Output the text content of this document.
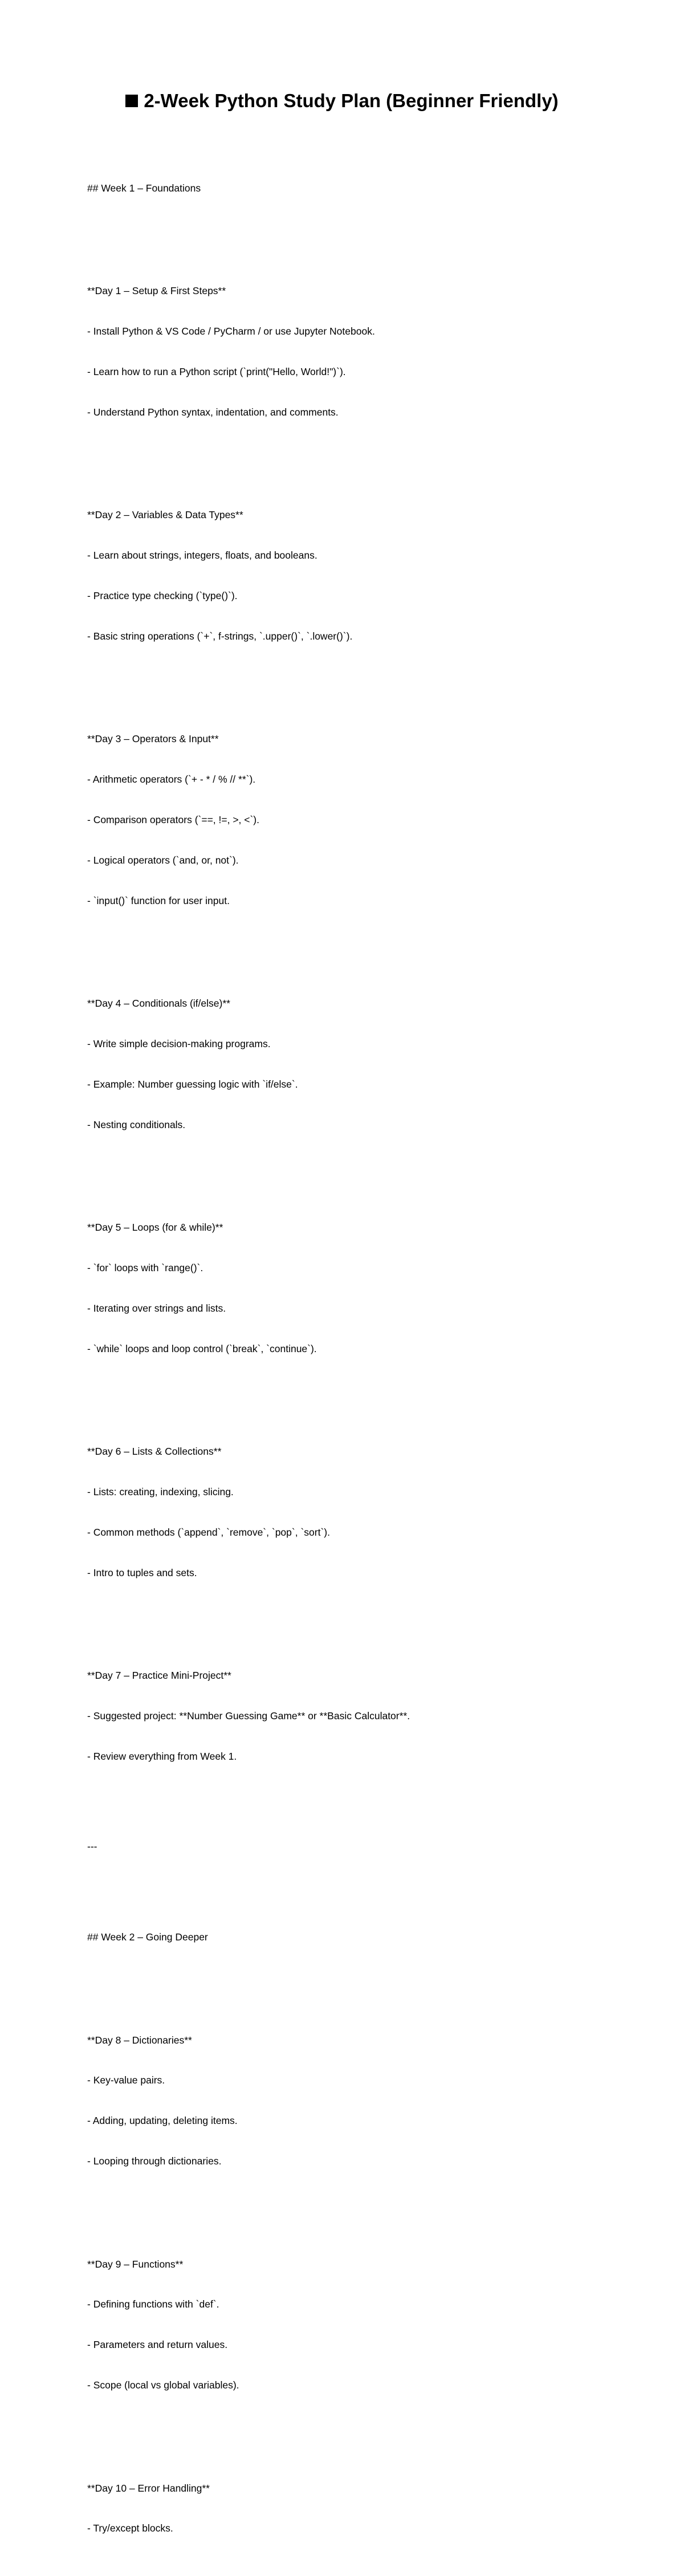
2-Week Python Study Plan (Beginner Friendly)

## Week 1 – Foundations

**Day 1 – Setup & First Steps**

- Install Python & VS Code / PyCharm / or use Jupyter Notebook.

- Learn how to run a Python script (`print("Hello, World!")`).

- Understand Python syntax, indentation, and comments.

**Day 2 – Variables & Data Types**

- Learn about strings, integers, floats, and booleans.

- Practice type checking (`type()`).

- Basic string operations (`+`, f-strings, `.upper()`, `.lower()`).

**Day 3 – Operators & Input**

- Arithmetic operators (`+ - * / % // **`).

- Comparison operators (`==, !=, >, <`).

- Logical operators (`and, or, not`).

- `input()` function for user input.

**Day 4 – Conditionals (if/else)**

- Write simple decision-making programs.

- Example: Number guessing logic with `if/else`.

- Nesting conditionals.

**Day 5 – Loops (for & while)**

- `for` loops with `range()`.

- Iterating over strings and lists.

- `while` loops and loop control (`break`, `continue`).

**Day 6 – Lists & Collections**

- Lists: creating, indexing, slicing.

- Common methods (`append`, `remove`, `pop`, `sort`).

- Intro to tuples and sets.

**Day 7 – Practice Mini-Project**

- Suggested project: **Number Guessing Game** or **Basic Calculator**.

- Review everything from Week 1.

---

## Week 2 – Going Deeper

**Day 8 – Dictionaries**

- Key-value pairs.

- Adding, updating, deleting items.

- Looping through dictionaries.

**Day 9 – Functions**

- Defining functions with `def`.

- Parameters and return values.

- Scope (local vs global variables).

**Day 10 – Error Handling**

- Try/except blocks.
